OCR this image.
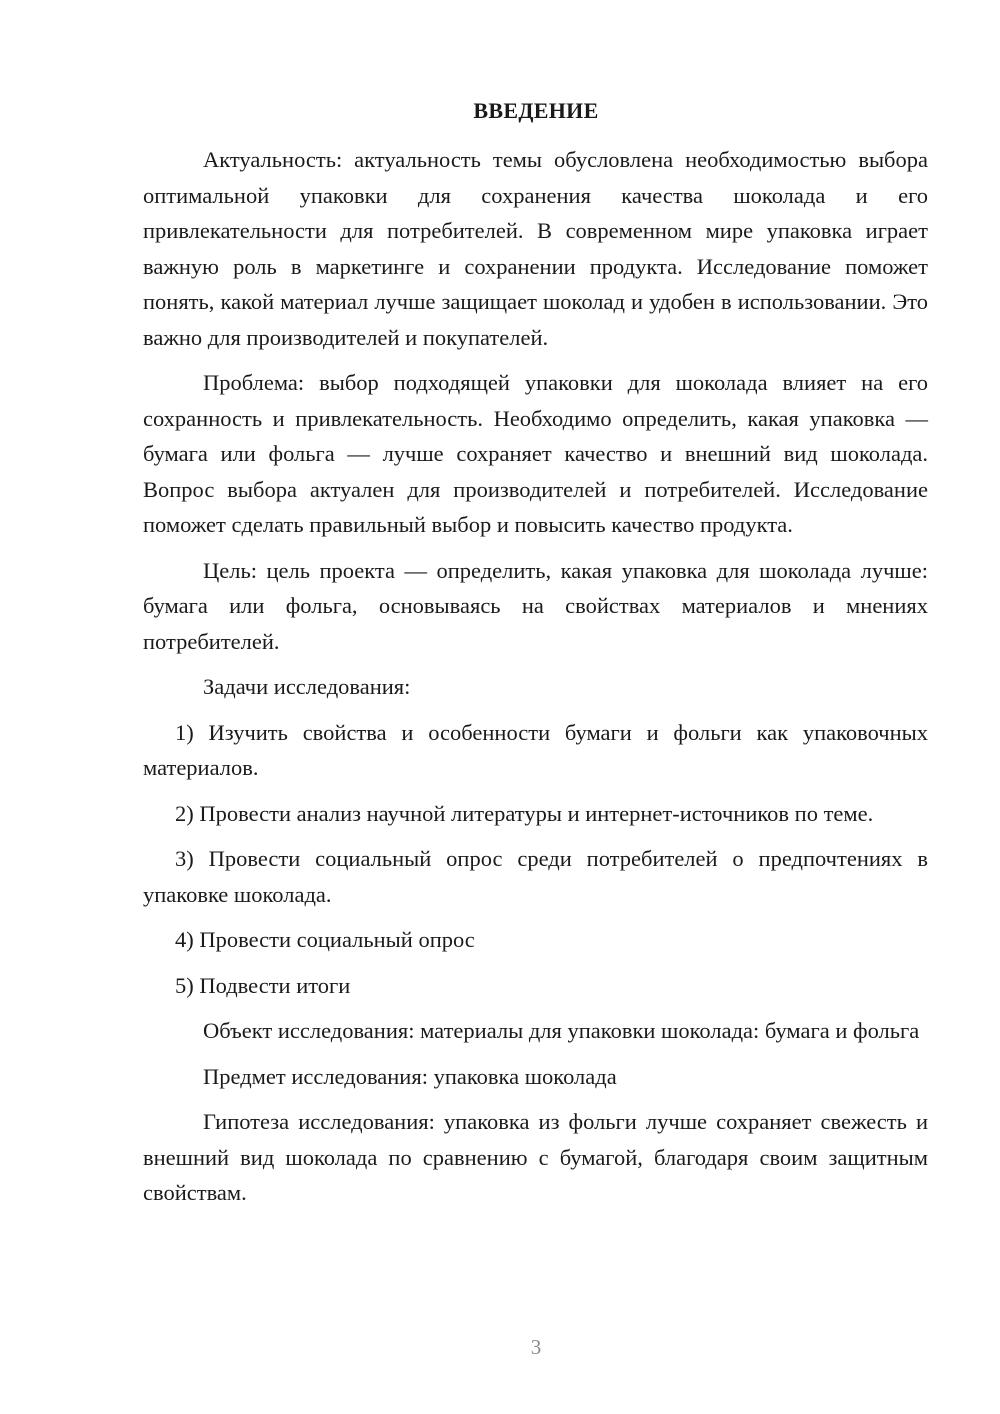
ВВЕДЕНИЕ

Актуальность: актуальность темы обусловлена необходимостью выбора оптимальной упаковки для сохранения качества шоколада и его привлекательности для потребителей. В современном мире упаковка играет важную роль в маркетинге и сохранении продукта. Исследование поможет понять, какой материал лучше защищает шоколад и удобен в использовании. Это важно для производителей и покупателей.

Проблема: выбор подходящей упаковки для шоколада влияет на его сохранность и привлекательность. Необходимо определить, какая упаковка — бумага или фольга — лучше сохраняет качество и внешний вид шоколада. Вопрос выбора актуален для производителей и потребителей. Исследование поможет сделать правильный выбор и повысить качество продукта.

Цель: цель проекта — определить, какая упаковка для шоколада лучше: бумага или фольга, основываясь на свойствах материалов и мнениях потребителей.

Задачи исследования:

1) Изучить свойства и особенности бумаги и фольги как упаковочных материалов.

2) Провести анализ научной литературы и интернет-источников по теме.

3) Провести социальный опрос среди потребителей о предпочтениях в упаковке шоколада.

4) Провести социальный опрос

5) Подвести итоги

Объект исследования: материалы для упаковки шоколада: бумага и фольга

Предмет исследования: упаковка шоколада

Гипотеза исследования: упаковка из фольги лучше сохраняет свежесть и внешний вид шоколада по сравнению с бумагой, благодаря своим защитным свойствам.

3
